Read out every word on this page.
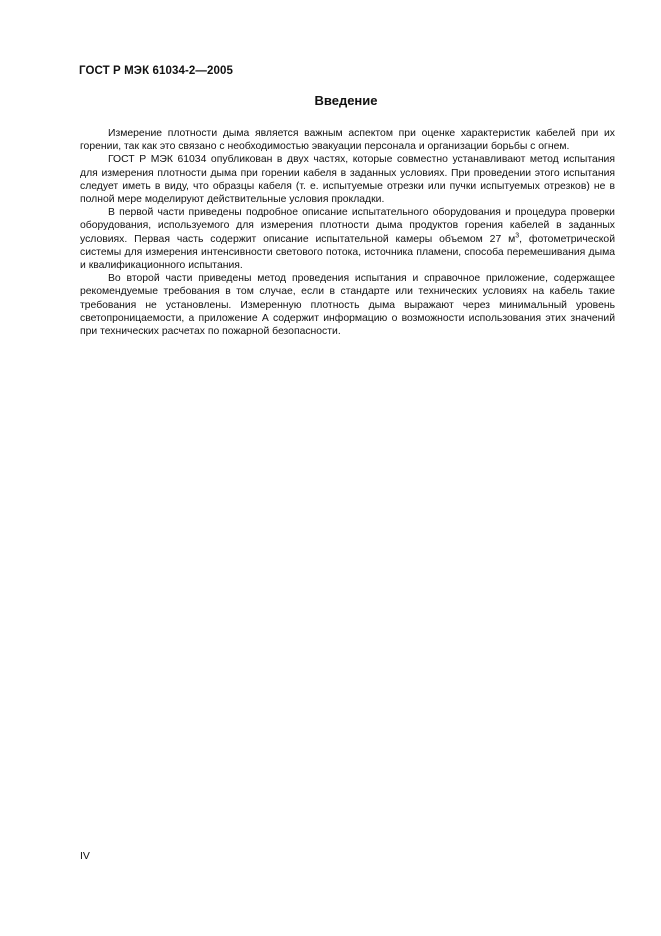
ГОСТ Р МЭК 61034-2—2005
Введение

Измерение плотности дыма является важным аспектом при оценке характеристик кабелей при их горении, так как это связано с необходимостью эвакуации персонала и организации борьбы с огнем.

ГОСТ Р МЭК 61034 опубликован в двух частях, которые совместно устанавливают метод испытания для измерения плотности дыма при горении кабеля в заданных условиях. При проведении этого испытания следует иметь в виду, что образцы кабеля (т. е. испытуемые отрезки или пучки испытуемых отрезков) не в полной мере моделируют действительные условия прокладки.

В первой части приведены подробное описание испытательного оборудования и процедура проверки оборудования, используемого для измерения плотности дыма продуктов горения кабелей в заданных условиях. Первая часть содержит описание испытательной камеры объемом 27 $м^3$, фотометрической системы для измерения интенсивности светового потока, источника пламени, способа перемешивания дыма и квалификационного испытания.

Во второй части приведены метод проведения испытания и справочное приложение, содержащее рекомендуемые требования в том случае, если в стандарте или технических условиях на кабель такие требования не установлены. Измеренную плотность дыма выражают через минимальный уровень светопроницаемости, а приложение А содержит информацию о возможности использования этих значений при технических расчетах по пожарной безопасности.

IV
